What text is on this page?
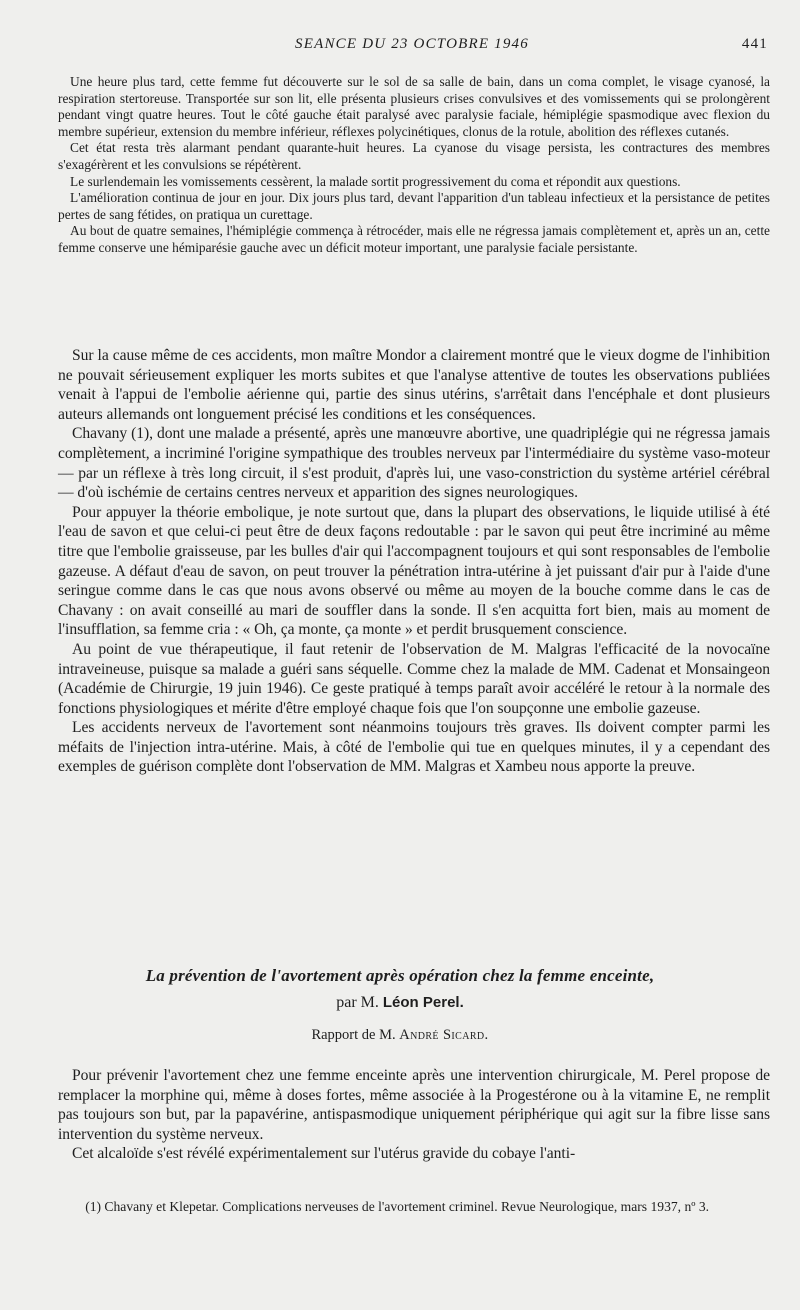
SEANCE DU 23 OCTOBRE 1946	441

Une heure plus tard, cette femme fut découverte sur le sol de sa salle de bain, dans un coma complet, le visage cyanosé, la respiration stertoreuse. Transportée sur son lit, elle présenta plusieurs crises convulsives et des vomissements qui se prolongèrent pendant vingt quatre heures. Tout le côté gauche était paralysé avec paralysie faciale, hémiplégie spasmodique avec flexion du membre supérieur, extension du membre inférieur, réflexes polycinétiques, clonus de la rotule, abolition des réflexes cutanés.

Cet état resta très alarmant pendant quarante-huit heures. La cyanose du visage persista, les contractures des membres s'exagérèrent et les convulsions se répétèrent.

Le surlendemain les vomissements cessèrent, la malade sortit progressivement du coma et répondit aux questions.

L'amélioration continua de jour en jour. Dix jours plus tard, devant l'apparition d'un tableau infectieux et la persistance de petites pertes de sang fétides, on pratiqua un curettage.

Au bout de quatre semaines, l'hémiplégie commença à rétrocéder, mais elle ne régressa jamais complètement et, après un an, cette femme conserve une hémiparésie gauche avec un déficit moteur important, une paralysie faciale persistante.

Sur la cause même de ces accidents, mon maître Mondor a clairement montré que le vieux dogme de l'inhibition ne pouvait sérieusement expliquer les morts subites et que l'analyse attentive de toutes les observations publiées venait à l'appui de l'embolie aérienne qui, partie des sinus utérins, s'arrêtait dans l'encéphale et dont plusieurs auteurs allemands ont longuement précisé les conditions et les conséquences.

Chavany (1), dont une malade a présenté, après une manœuvre abortive, une quadriplégie qui ne régressa jamais complètement, a incriminé l'origine sympathique des troubles nerveux par l'intermédiaire du système vaso-moteur — par un réflexe à très long circuit, il s'est produit, d'après lui, une vaso-constriction du système artériel cérébral — d'où ischémie de certains centres nerveux et apparition des signes neurologiques.

Pour appuyer la théorie embolique, je note surtout que, dans la plupart des observations, le liquide utilisé à été l'eau de savon et que celui-ci peut être de deux façons redoutable : par le savon qui peut être incriminé au même titre que l'embolie graisseuse, par les bulles d'air qui l'accompagnent toujours et qui sont responsables de l'embolie gazeuse. A défaut d'eau de savon, on peut trouver la pénétration intra-utérine à jet puissant d'air pur à l'aide d'une seringue comme dans le cas que nous avons observé ou même au moyen de la bouche comme dans le cas de Chavany : on avait conseillé au mari de souffler dans la sonde. Il s'en acquitta fort bien, mais au moment de l'insufflation, sa femme cria : « Oh, ça monte, ça monte » et perdit brusquement conscience.

Au point de vue thérapeutique, il faut retenir de l'observation de M. Malgras l'efficacité de la novocaïne intraveineuse, puisque sa malade a guéri sans séquelle. Comme chez la malade de MM. Cadenat et Monsaingeon (Académie de Chirurgie, 19 juin 1946). Ce geste pratiqué à temps paraît avoir accéléré le retour à la normale des fonctions physiologiques et mérite d'être employé chaque fois que l'on soupçonne une embolie gazeuse.

Les accidents nerveux de l'avortement sont néanmoins toujours très graves. Ils doivent compter parmi les méfaits de l'injection intra-utérine. Mais, à côté de l'embolie qui tue en quelques minutes, il y a cependant des exemples de guérison complète dont l'observation de MM. Malgras et Xambeu nous apporte la preuve.

La prévention de l'avortement après opération chez la femme enceinte,
par M. Léon Perel.
Rapport de M. André Sicard.

Pour prévenir l'avortement chez une femme enceinte après une intervention chirurgicale, M. Perel propose de remplacer la morphine qui, même à doses fortes, même associée à la Progestérone ou à la vitamine E, ne remplit pas toujours son but, par la papavérine, antispasmodique uniquement périphérique qui agit sur la fibre lisse sans intervention du système nerveux.

Cet alcaloïde s'est révélé expérimentalement sur l'utérus gravide du cobaye l'anti-

(1) Chavany et Klepetar. Complications nerveuses de l'avortement criminel. Revue Neurologique, mars 1937, nº 3.
